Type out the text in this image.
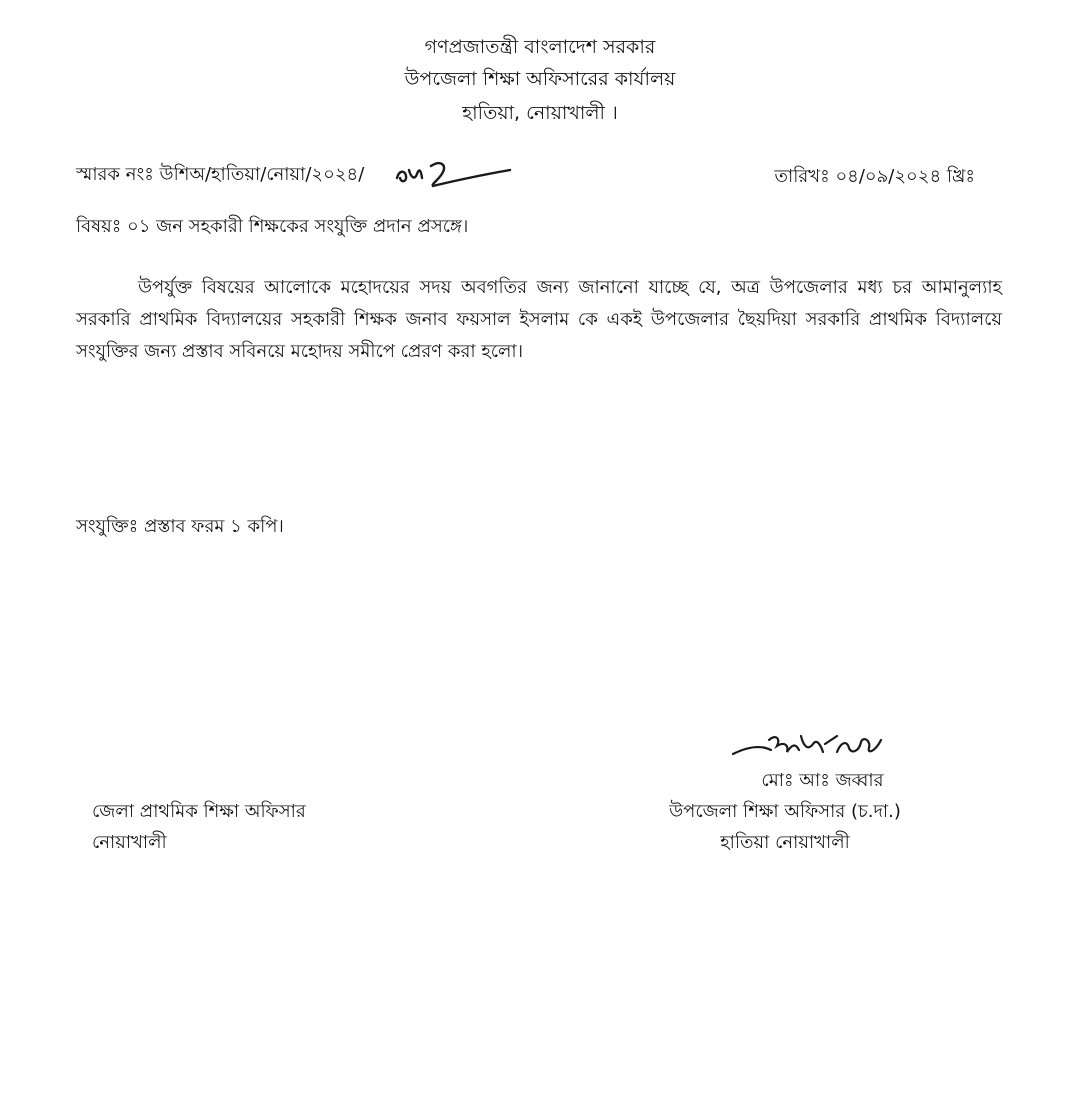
গণপ্রজাতন্ত্রী বাংলাদেশ সরকার
উপজেলা শিক্ষা অফিসারের কার্যালয়
হাতিয়া, নোয়াখালী ।
স্মারক নংঃ উশিঅ/হাতিয়া/নোয়া/২০২৪/	তারিখঃ ০৪/০৯/২০২৪ খ্রিঃ
বিষয়ঃ ০১ জন সহকারী শিক্ষকের সংযুক্তি প্রদান প্রসঙ্গে।
উপর্যুক্ত বিষয়ের আলোকে মহোদয়ের সদয় অবগতির জন্য জানানো যাচ্ছে যে, অত্র উপজেলার মধ্য চর আমানুল্যাহ সরকারি প্রাথমিক বিদ্যালয়ের সহকারী শিক্ষক জনাব ফয়সাল ইসলাম কে একই উপজেলার ছৈয়দিয়া সরকারি প্রাথমিক বিদ্যালয়ে সংযুক্তির জন্য প্রস্তাব সবিনয়ে মহোদয় সমীপে প্রেরণ করা হলো।
সংযুক্তিঃ প্রস্তাব ফরম ১ কপি।
জেলা প্রাথমিক শিক্ষা অফিসার
নোয়াখালী
মোঃ আঃ জব্বার
উপজেলা শিক্ষা অফিসার (চ.দা.)
হাতিয়া নোয়াখালী
